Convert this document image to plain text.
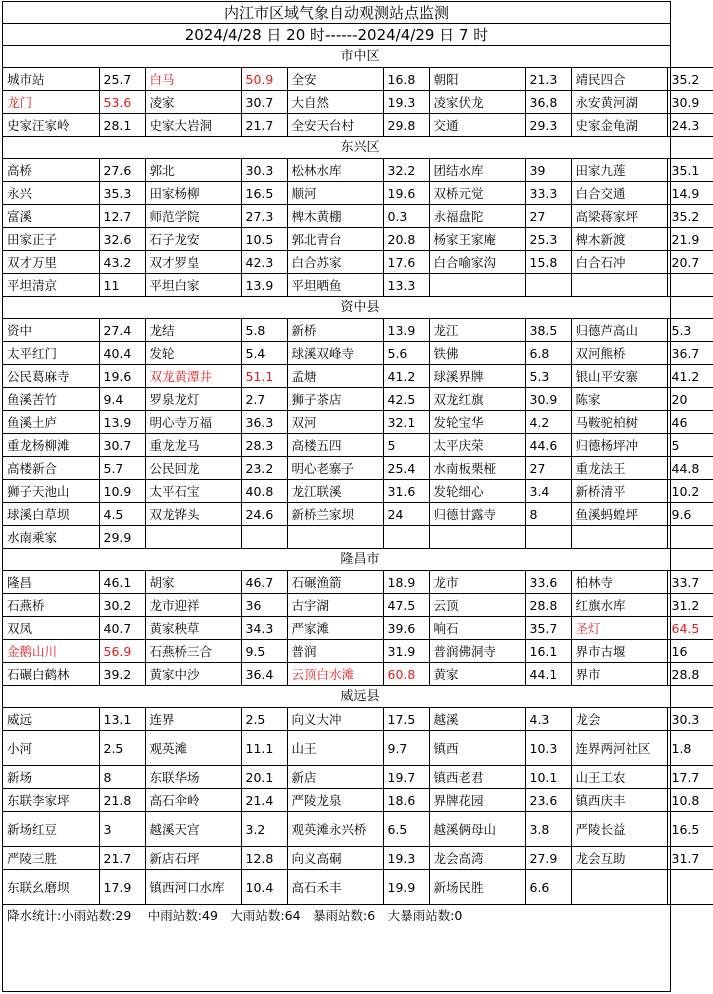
内江市区域气象自动观测站点监测
2024/4/28 日 20 时------2024/4/29 日 7 时
市中区									
城市站	25.7	白马	50.9	全安	16.8	朝阳	21.3	靖民四合	35.2
龙门	53.6	凌家	30.7	大自然	19.3	凌家伏龙	36.8	永安黄河湖	30.9
史家汪家岭	28.1	史家大岩洞	21.7	全安天台村	29.8	交通	29.3	史家金龟湖	24.3
东兴区									
高桥	27.6	郭北	30.3	松林水库	32.2	团结水库	39	田家九莲	35.1
永兴	35.3	田家杨柳	16.5	顺河	19.6	双桥元觉	33.3	白合交通	14.9
富溪	12.7	师范学院	27.3	椑木黄棚	0.3	永福盘陀	27	高梁蒋家坪	35.2
田家正子	32.6	石子龙安	10.5	郭北青台	20.8	杨家王家庵	25.3	椑木新渡	21.9
双才万里	43.2	双才罗皇	42.3	白合苏家	17.6	白合喻家沟	15.8	白合石冲	20.7
平坦清京	11	平坦白家	13.9	平坦晒鱼	13.3				
资中县									
资中	27.4	龙结	5.8	新桥	13.9	龙江	38.5	归德芦高山	5.3
太平红门	40.4	发轮	5.4	球溪双峰寺	5.6	铁佛	6.8	双河熊桥	36.7
公民葛麻寺	19.6	双龙黄潭井	51.1	孟塘	41.2	球溪界牌	5.3	银山平安寨	41.2
鱼溪苦竹	9.4	罗泉龙灯	2.7	狮子茶店	42.5	双龙红旗	30.9	陈家	20
鱼溪土庐	13.9	明心寺万福	36.3	双河	32.1	发轮宝华	4.2	马鞍驼柏树	46
重龙杨柳滩	30.7	重龙龙马	28.3	高楼五四	5	太平庆荣	44.6	归德杨坪冲	5
高楼新合	5.7	公民回龙	23.2	明心老寨子	25.4	水南板栗桠	27	重龙法王	44.8
狮子天池山	10.9	太平石宝	40.8	龙江联溪	31.6	发轮细心	3.4	新桥清平	10.2
球溪白草坝	4.5	双龙铧头	24.6	新桥兰家坝	24	归德甘露寺	8	鱼溪蚂蝗坪	9.6
水南乘家	29.9								
隆昌市									
隆昌	46.1	胡家	46.7	石碾渔箭	18.9	龙市	33.6	柏林寺	33.7
石燕桥	30.2	龙市迎祥	36	古宇湖	47.5	云顶	28.8	红旗水库	31.2
双凤	40.7	黄家秧草	34.3	严家滩	39.6	响石	35.7	圣灯	64.5
金鹅山川	56.9	石燕桥三合	9.5	普润	31.9	普润佛洞寺	16.1	界市古堰	16
石碾白鹤林	39.2	黄家中沙	36.4	云顶白水滩	60.8	黄家	44.1	界市	28.8
威远县									
威远	13.1	连界	2.5	向义大冲	17.5	越溪	4.3	龙会	30.3
小河	2.5	观英滩	11.1	山王	9.7	镇西	10.3	连界两河社区	1.8
新场	8	东联华场	20.1	新店	19.7	镇西老君	10.1	山王工农	17.7
东联李家坪	21.8	高石伞岭	21.4	严陵龙泉	18.6	界牌花园	23.6	镇西庆丰	10.8
新场红豆	3	越溪天宫	3.2	观英滩永兴桥	6.5	越溪俩母山	3.8	严陵长益	16.5
严陵三胜	21.7	新店石坪	12.8	向义高硐	19.3	龙会高湾	27.9	龙会互助	31.7
东联幺磨坝	17.9	镇西河口水库	10.4	高石禾丰	19.9	新场民胜	6.6		
降水统计:小雨站数:29　 中雨站数:49　大雨站数:64　暴雨站数:6　大暴雨站数:0									
